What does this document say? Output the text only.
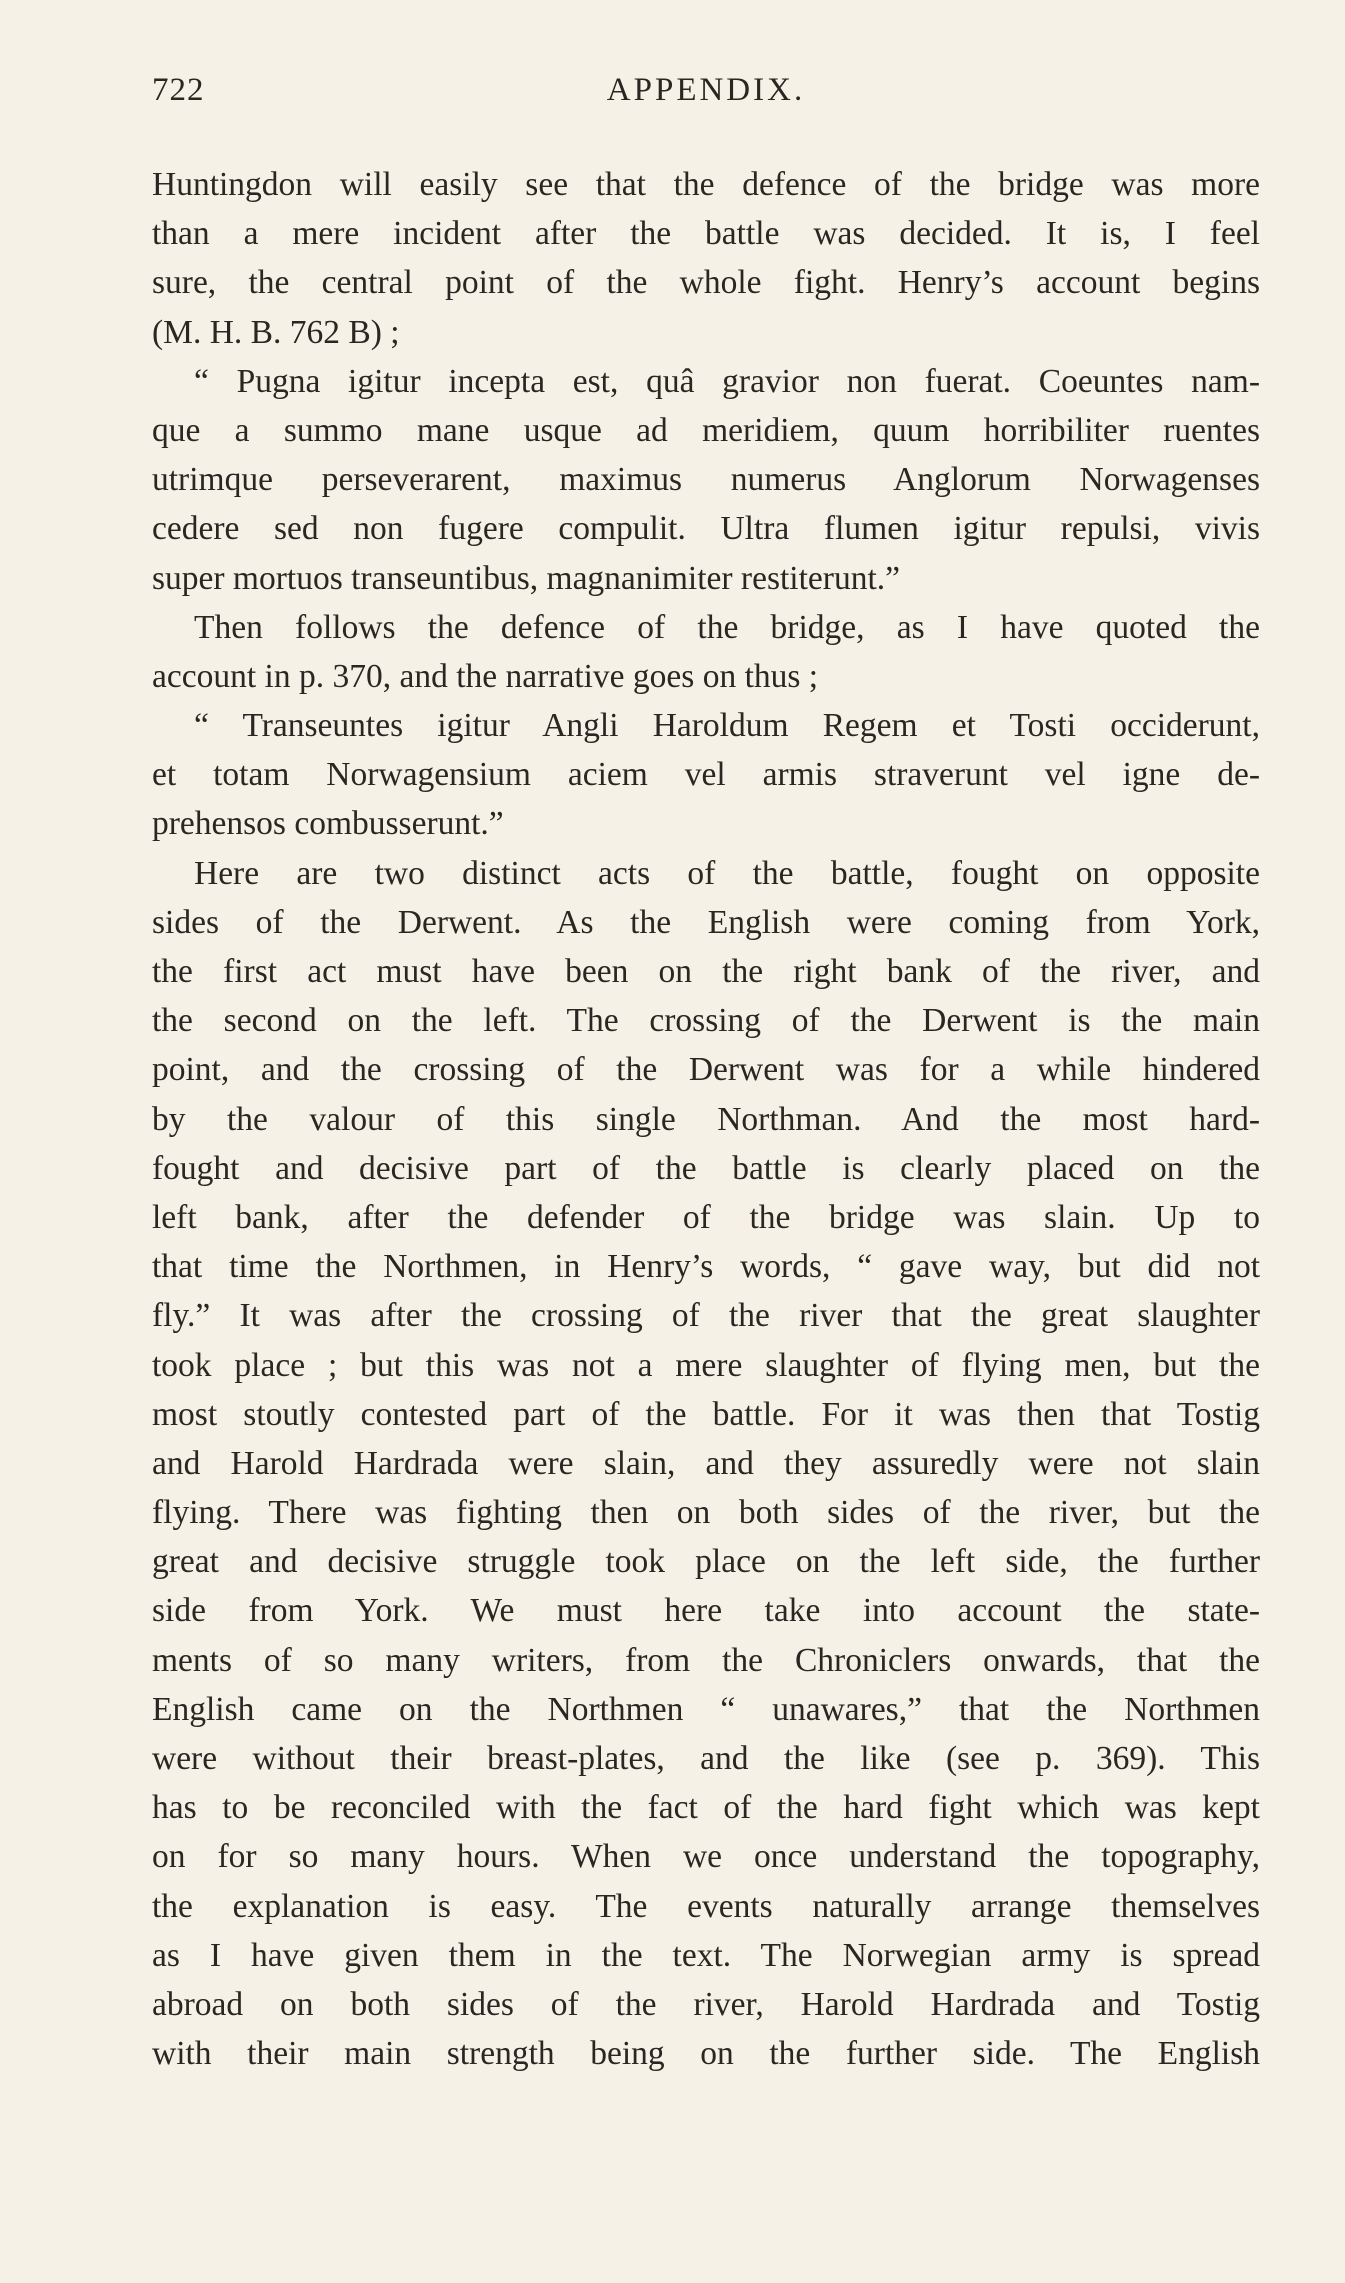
722	APPENDIX.
Huntingdon will easily see that the defence of the bridge was more
than a mere incident after the battle was decided. It is, I feel
sure, the central point of the whole fight. Henry’s account begins
(M. H. B. 762 B) ;
“ Pugna igitur incepta est, quâ gravior non fuerat. Coeuntes nam-
que a summo mane usque ad meridiem, quum horribiliter ruentes
utrimque perseverarent, maximus numerus Anglorum Norwagenses
cedere sed non fugere compulit. Ultra flumen igitur repulsi, vivis
super mortuos transeuntibus, magnanimiter restiterunt.”
Then follows the defence of the bridge, as I have quoted the
account in p. 370, and the narrative goes on thus ;
“ Transeuntes igitur Angli Haroldum Regem et Tosti occiderunt,
et totam Norwagensium aciem vel armis straverunt vel igne de-
prehensos combusserunt.”
Here are two distinct acts of the battle, fought on opposite
sides of the Derwent. As the English were coming from York,
the first act must have been on the right bank of the river, and
the second on the left. The crossing of the Derwent is the main
point, and the crossing of the Derwent was for a while hindered
by the valour of this single Northman. And the most hard-
fought and decisive part of the battle is clearly placed on the
left bank, after the defender of the bridge was slain. Up to
that time the Northmen, in Henry’s words, “ gave way, but did not
fly.” It was after the crossing of the river that the great slaughter
took place ; but this was not a mere slaughter of flying men, but the
most stoutly contested part of the battle. For it was then that Tostig
and Harold Hardrada were slain, and they assuredly were not slain
flying. There was fighting then on both sides of the river, but the
great and decisive struggle took place on the left side, the further
side from York. We must here take into account the state-
ments of so many writers, from the Chroniclers onwards, that the
English came on the Northmen “ unawares,” that the Northmen
were without their breast-plates, and the like (see p. 369). This
has to be reconciled with the fact of the hard fight which was kept
on for so many hours. When we once understand the topography,
the explanation is easy. The events naturally arrange themselves
as I have given them in the text. The Norwegian army is spread
abroad on both sides of the river, Harold Hardrada and Tostig
with their main strength being on the further side. The English
